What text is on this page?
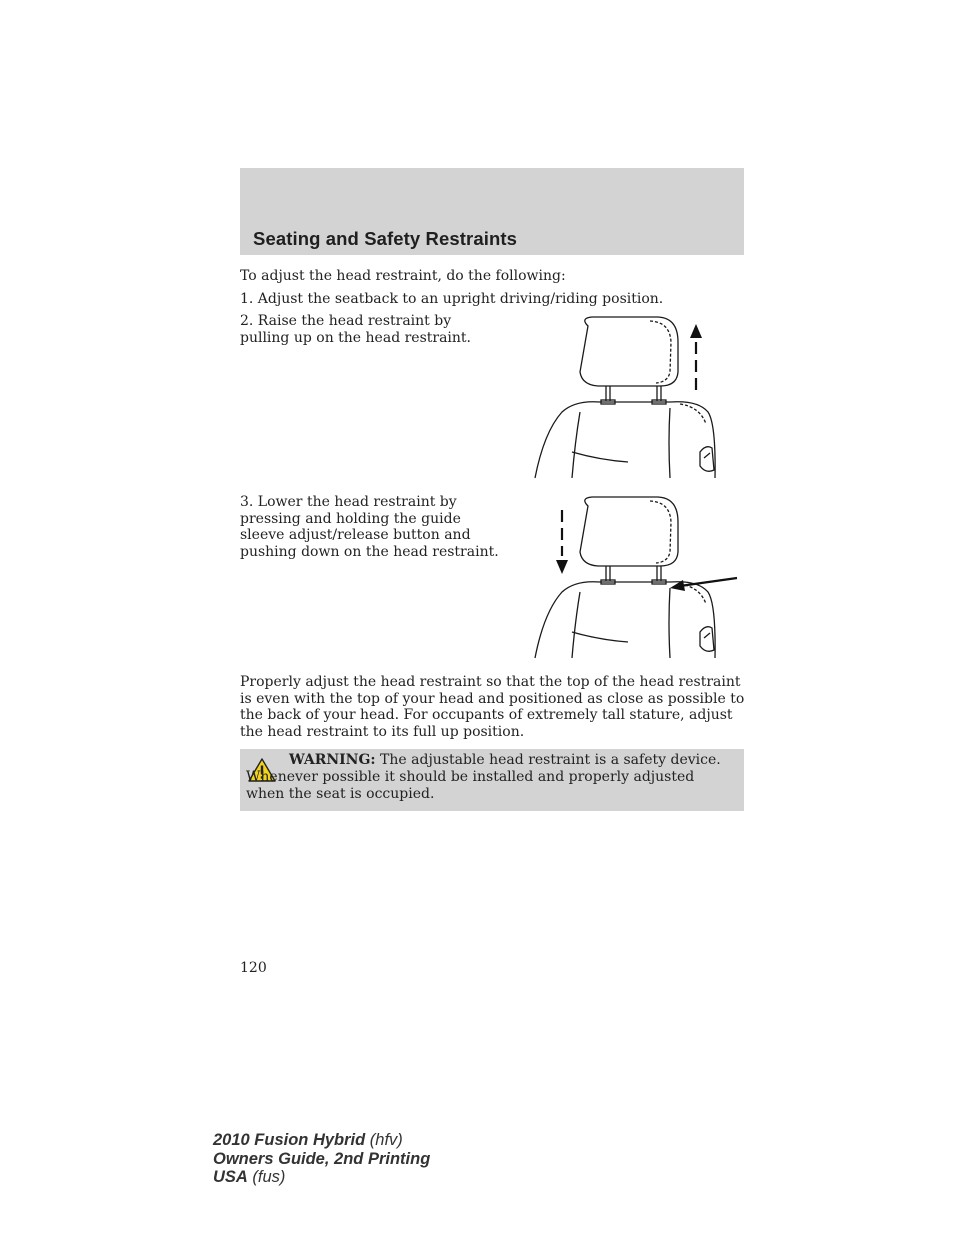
Seating and Safety Restraints

To adjust the head restraint, do the following:

1. Adjust the seatback to an upright driving/riding position.

2. Raise the head restraint by pulling up on the head restraint.

3. Lower the head restraint by pressing and holding the guide sleeve adjust/release button and pushing down on the head restraint.

Properly adjust the head restraint so that the top of the head restraint is even with the top of your head and positioned as close as possible to the back of your head. For occupants of extremely tall stature, adjust the head restraint to its full up position.

WARNING: The adjustable head restraint is a safety device. Whenever possible it should be installed and properly adjusted when the seat is occupied.

120

2010 Fusion Hybrid (hfv)
Owners Guide, 2nd Printing
USA (fus)
